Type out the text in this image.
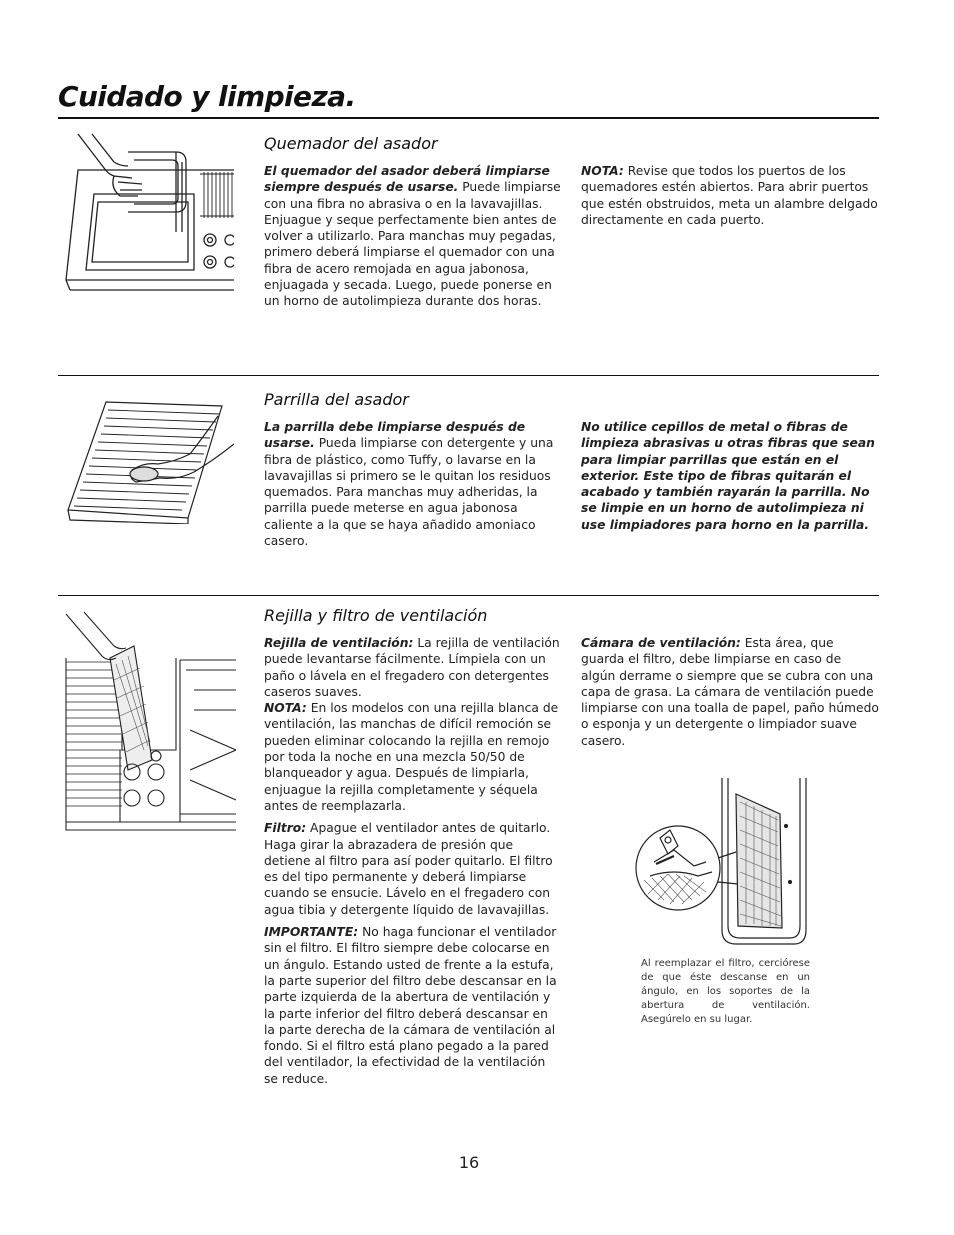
Cuidado y limpieza.
Quemador del asador

El quemador del asador deberá limpiarse siempre después de usarse. Puede limpiarse con una fibra no abrasiva o en la lavavajillas. Enjuague y seque perfectamente bien antes de volver a utilizarlo. Para manchas muy pegadas, primero deberá limpiarse el quemador con una fibra de acero remojada en agua jabonosa, enjuagada y secada. Luego, puede ponerse en un horno de autolimpieza durante dos horas.

NOTA: Revise que todos los puertos de los quemadores estén abiertos. Para abrir puertos que estén obstruidos, meta un alambre delgado directamente en cada puerto.

Parrilla del asador

La parrilla debe limpiarse después de usarse. Pueda limpiarse con detergente y una fibra de plástico, como Tuffy, o lavarse en la lavavajillas si primero se le quitan los residuos quemados. Para manchas muy adheridas, la parrilla puede meterse en agua jabonosa caliente a la que se haya añadido amoniaco casero.

No utilice cepillos de metal o fibras de limpieza abrasivas u otras fibras que sean para limpiar parrillas que están en el exterior. Este tipo de fibras quitarán el acabado y también rayarán la parrilla. No se limpie en un horno de autolimpieza ni use limpiadores para horno en la parrilla.

Rejilla y filtro de ventilación

Rejilla de ventilación: La rejilla de ventilación puede levantarse fácilmente. Límpiela con un paño o lávela en el fregadero con detergentes caseros suaves.

NOTA: En los modelos con una rejilla blanca de ventilación, las manchas de difícil remoción se pueden eliminar colocando la rejilla en remojo por toda la noche en una mezcla 50/50 de blanqueador y agua. Después de limpiarla, enjuague la rejilla completamente y séquela antes de reemplazarla.

Filtro: Apague el ventilador antes de quitarlo. Haga girar la abrazadera de presión que detiene al filtro para así poder quitarlo. El filtro es del tipo permanente y deberá limpiarse cuando se ensucie. Lávelo en el fregadero con agua tibia y detergente líquido de lavavajillas.

IMPORTANTE: No haga funcionar el ventilador sin el filtro. El filtro siempre debe colocarse en un ángulo. Estando usted de frente a la estufa, la parte superior del filtro debe descansar en la parte izquierda de la abertura de ventilación y la parte inferior del filtro deberá descansar en la parte derecha de la cámara de ventilación al fondo. Si el filtro está plano pegado a la pared del ventilador, la efectividad de la ventilación se reduce.

Cámara de ventilación: Esta área, que guarda el filtro, debe limpiarse en caso de algún derrame o siempre que se cubra con una capa de grasa. La cámara de ventilación puede limpiarse con una toalla de papel, paño húmedo o esponja y un detergente o limpiador suave casero.

Al reemplazar el filtro, cerciórese de que éste descanse en un ángulo, en los soportes de la abertura de ventilación. Asegúrelo en su lugar.
16
